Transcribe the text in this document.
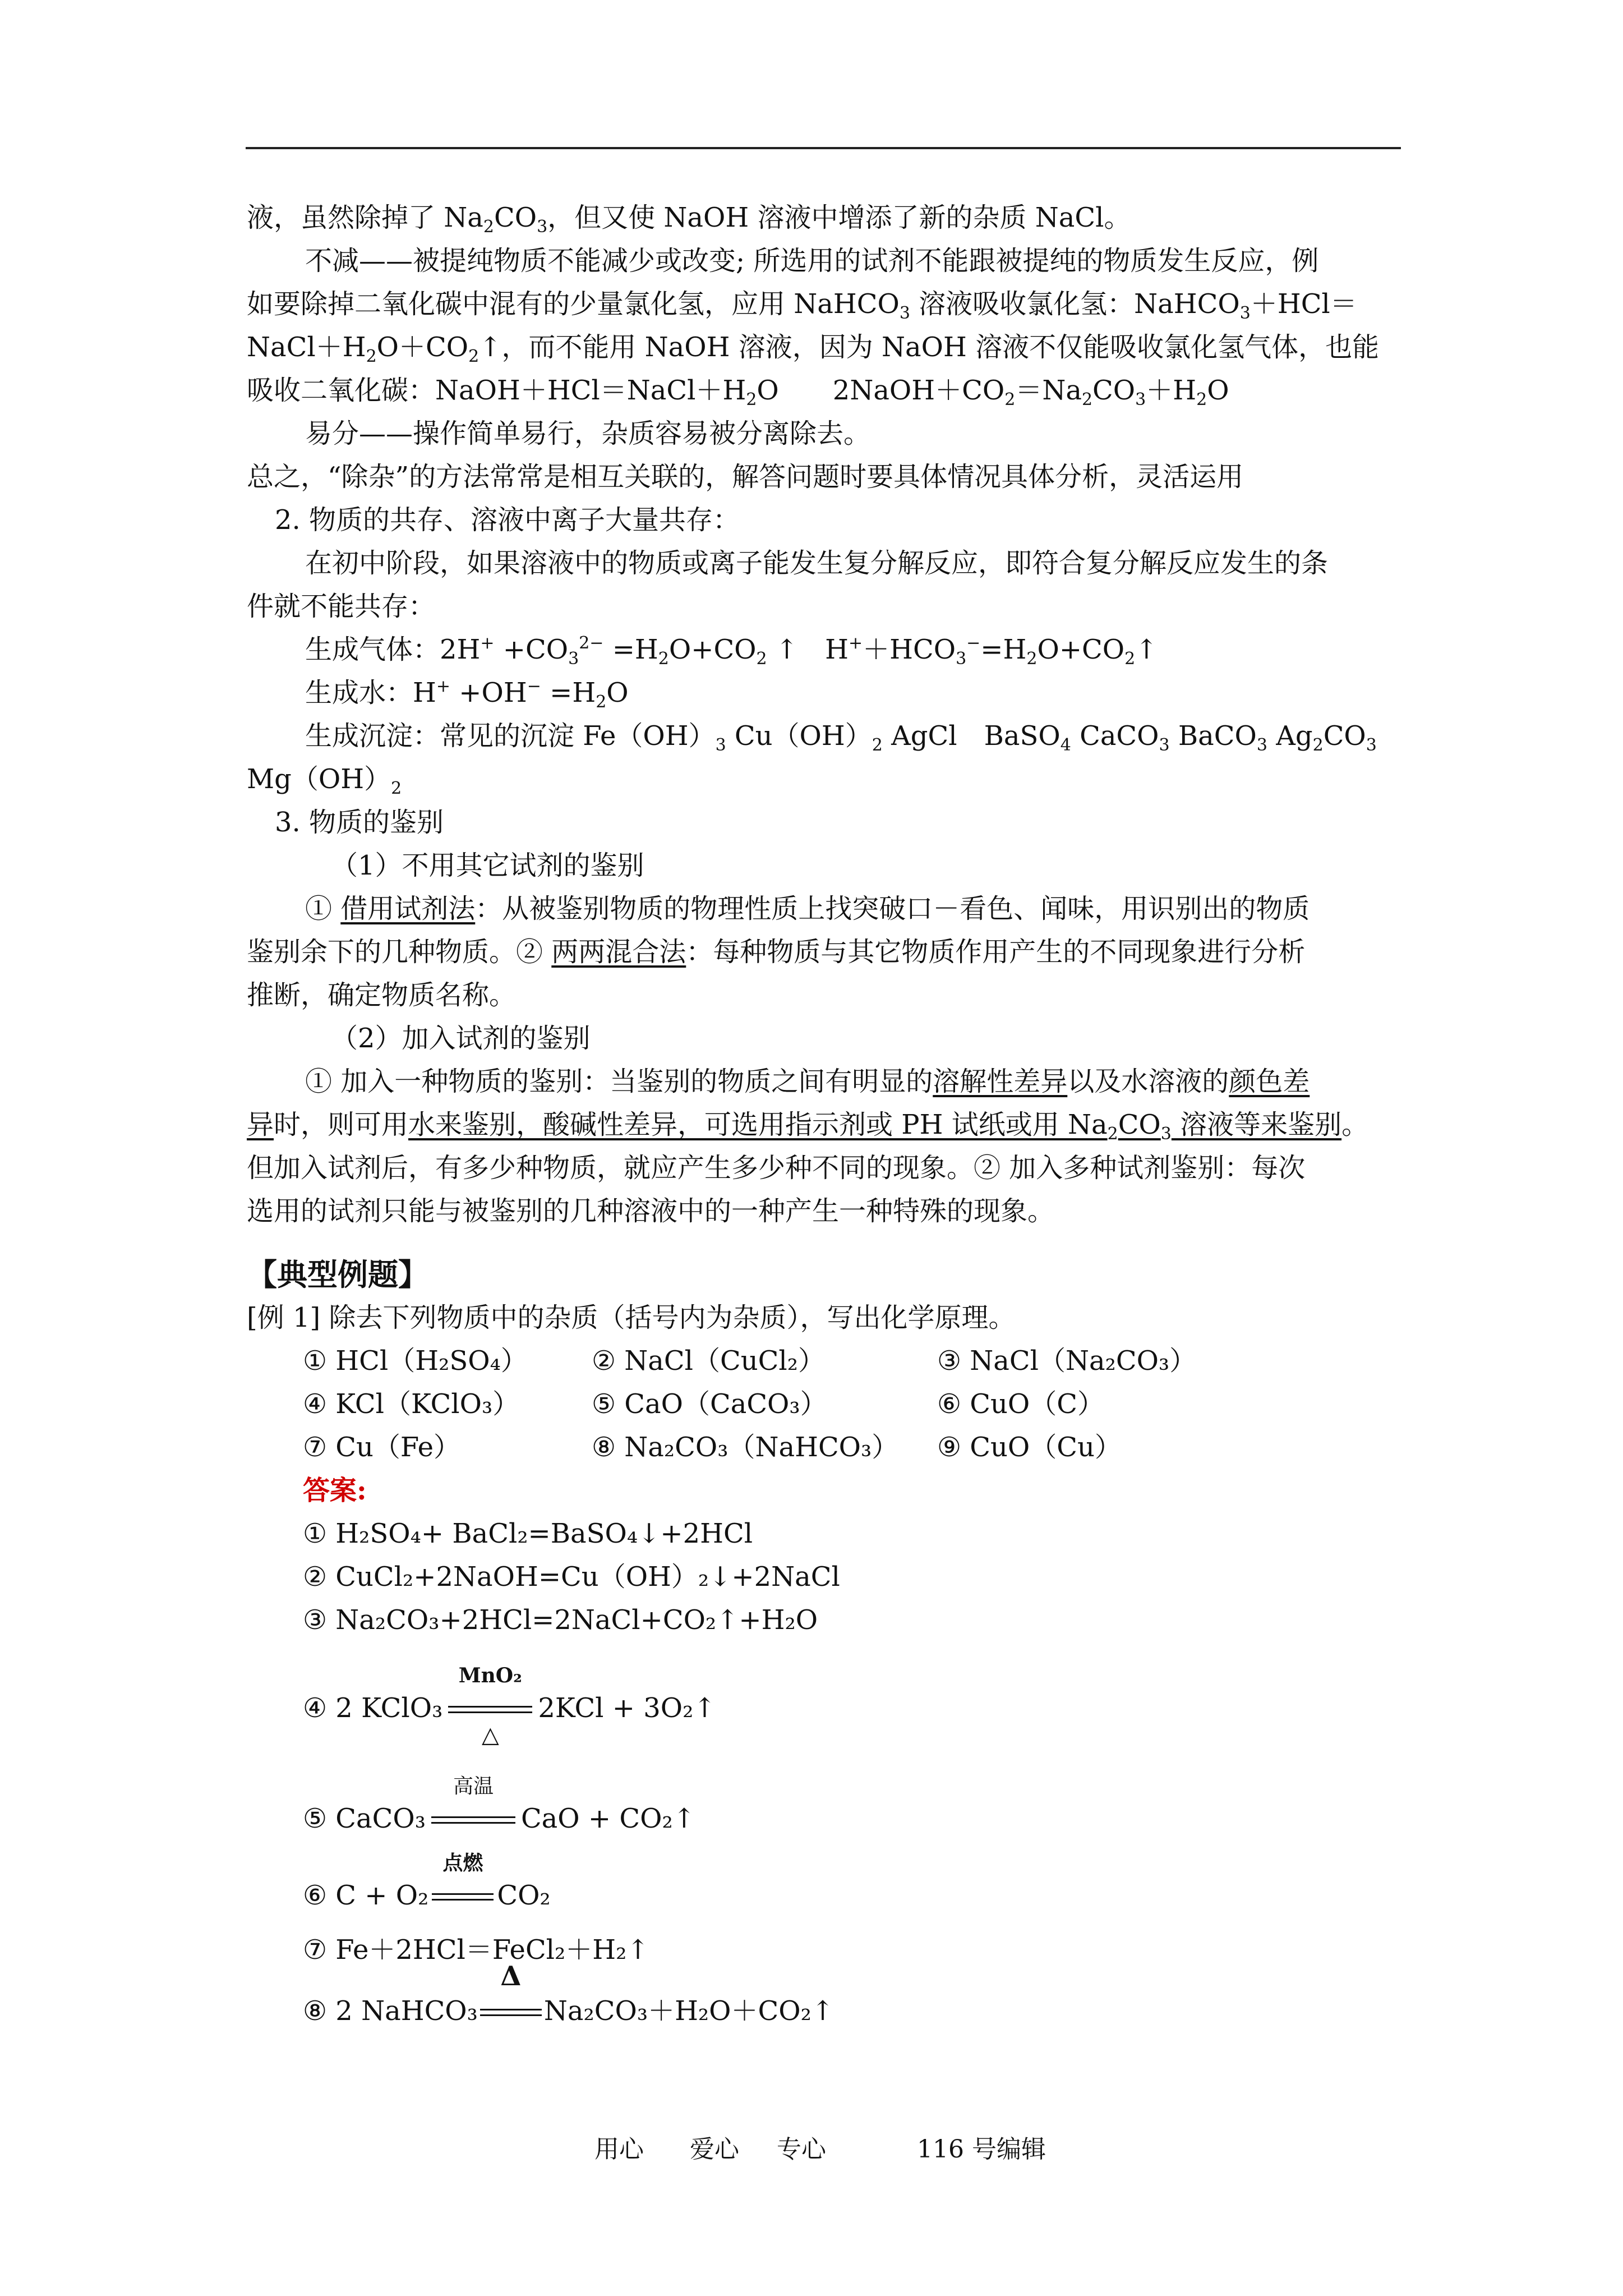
液，虽然除掉了 $Na_2CO_3$，但又使 NaOH 溶液中增添了新的杂质 NaCl。
不减——被提纯物质不能减少或改变; 所选用的试剂不能跟被提纯的物质发生反应，例
如要除掉二氧化碳中混有的少量氯化氢，应用 NaHCO$_3$ 溶液吸收氯化氢：NaHCO$_3$＋HCl＝
$NaCl+H_2O+CO_2↑$，而不能用 NaOH 溶液，因为 NaOH 溶液不仅能吸收氯化氢气体，也能
吸收二氧化碳：$NaOH+HCl=NaCl+H_2O$　　$2NaOH+CO_2=Na_2CO_3+H_2O$
易分——操作简单易行，杂质容易被分离除去。
总之，“除杂”的方法常常是相互关联的，解答问题时要具体情况具体分析，灵活运用
2. 物质的共存、溶液中离子大量共存：
在初中阶段，如果溶液中的物质或离子能发生复分解反应，即符合复分解反应发生的条
件就不能共存：
生成气体：$2H^+ +CO_3^{2-} =H_2O+CO_2$ ↑　$H^++HCO_3^-=H_2O+CO_2↑$
生成水：$H^+ +OH^- =H_2O$
生成沉淀：常见的沉淀 $Fe(OH)_3$ $Cu(OH)_2$ AgCl　BaSO$_4$ CaCO$_3$ BaCO$_3$ $Ag_2CO_3$
$Mg(OH)_2$
3. 物质的鉴别
（1）不用其它试剂的鉴别
① 借用试剂法：从被鉴别物质的物理性质上找突破口－看色、闻味，用识别出的物质
鉴别余下的几种物质。② 两两混合法：每种物质与其它物质作用产生的不同现象进行分析
推断，确定物质名称。
（2）加入试剂的鉴别
① 加入一种物质的鉴别：当鉴别的物质之间有明显的溶解性差异以及水溶液的颜色差
异时，则可用水来鉴别，酸碱性差异，可选用指示剂或 PH 试纸或用 $Na_2CO_3$ 溶液等来鉴别。
但加入试剂后，有多少种物质，就应产生多少种不同的现象。② 加入多种试剂鉴别：每次
选用的试剂只能与被鉴别的几种溶液中的一种产生一种特殊的现象。
【典型例题】
[例 1] 除去下列物质中的杂质（括号内为杂质），写出化学原理。
① HCl（H₂SO₄）	② NaCl（CuCl₂）	③ NaCl（Na₂CO₃）
④ KCl（KClO₃）	⑤ CaO（CaCO₃）	⑥ CuO（C）
⑦ Cu（Fe）	⑧ Na₂CO₃（NaHCO₃）	⑨ CuO（Cu）
答案:
① H₂SO₄+ BaCl₂=BaSO₄↓+2HCl
② CuCl₂+2NaOH=Cu（OH）₂↓+2NaCl
③ Na₂CO₃+2HCl=2NaCl+CO₂↑+H₂O
④ 2 KClO₃
MnO₂
△
2KCl + 3O₂↑
⑤ CaCO₃
高温
CaO + CO₂↑
⑥ C + O₂
点燃
CO₂
⑦ Fe＋2HCl＝FeCl₂＋H₂↑
⑧ 2 NaHCO₃
Δ
Na₂CO₃＋H₂O＋CO₂↑
用心 爱心 专心	116 号编辑
